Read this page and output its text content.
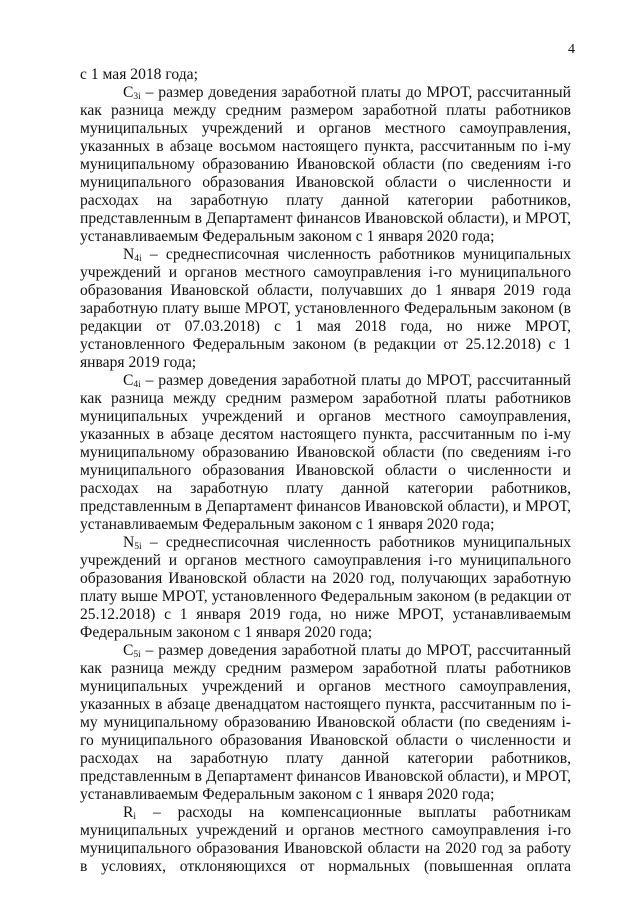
4

с 1 мая 2018 года;

$C_{3i}$ – размер доведения заработной платы до МРОТ, рассчитанный как разница между средним размером заработной платы работников муниципальных учреждений и органов местного самоуправления, указанных в абзаце восьмом настоящего пункта, рассчитанным по i-му муниципальному образованию Ивановской области (по сведениям i-го муниципального образования Ивановской области о численности и расходах на заработную плату данной категории работников, представленным в Департамент финансов Ивановской области), и МРОТ, устанавливаемым Федеральным законом с 1 января 2020 года;

$N_{4i}$ – среднесписочная численность работников муниципальных учреждений и органов местного самоуправления i-го муниципального образования Ивановской области, получавших до 1 января 2019 года заработную плату выше МРОТ, установленного Федеральным законом (в редакции от 07.03.2018) с 1 мая 2018 года, но ниже МРОТ, установленного Федеральным законом (в редакции от 25.12.2018) с 1 января 2019 года;

$C_{4i}$ – размер доведения заработной платы до МРОТ, рассчитанный как разница между средним размером заработной платы работников муниципальных учреждений и органов местного самоуправления, указанных в абзаце десятом настоящего пункта, рассчитанным по i-му муниципальному образованию Ивановской области (по сведениям i-го муниципального образования Ивановской области о численности и расходах на заработную плату данной категории работников, представленным в Департамент финансов Ивановской области), и МРОТ, устанавливаемым Федеральным законом с 1 января 2020 года;

$N_{5i}$ – среднесписочная численность работников муниципальных учреждений и органов местного самоуправления i-го муниципального образования Ивановской области на 2020 год, получающих заработную плату выше МРОТ, установленного Федеральным законом (в редакции от 25.12.2018) с 1 января 2019 года, но ниже МРОТ, устанавливаемым Федеральным законом с 1 января 2020 года;

$C_{5i}$ – размер доведения заработной платы до МРОТ, рассчитанный как разница между средним размером заработной платы работников муниципальных учреждений и органов местного самоуправления, указанных в абзаце двенадцатом настоящего пункта, рассчитанным по i-му муниципальному образованию Ивановской области (по сведениям i-го муниципального образования Ивановской области о численности и расходах на заработную плату данной категории работников, представленным в Департамент финансов Ивановской области), и МРОТ, устанавливаемым Федеральным законом с 1 января 2020 года;

$R_i$ – расходы на компенсационные выплаты работникам муниципальных учреждений и органов местного самоуправления i-го муниципального образования Ивановской области на 2020 год за работу в условиях, отклоняющихся от нормальных (повышенная оплата
